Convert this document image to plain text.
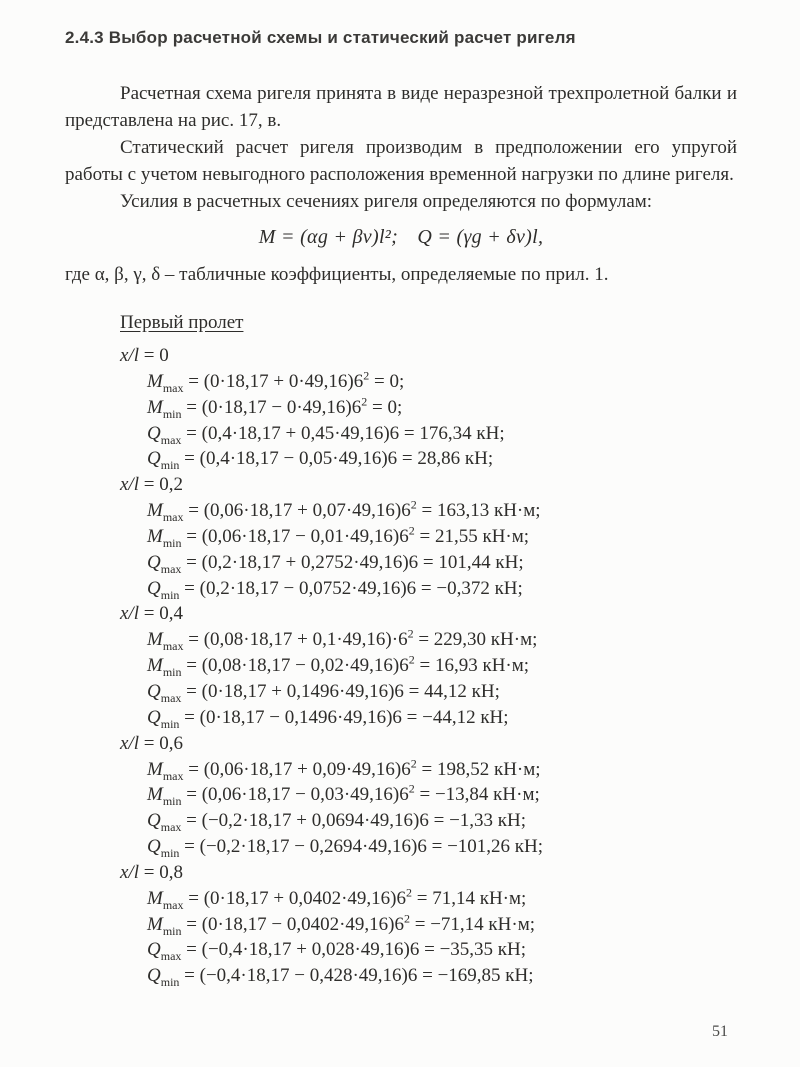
2.4.3 Выбор расчетной схемы и статический расчет ригеля

Расчетная схема ригеля принята в виде неразрезной трехпролетной балки и представлена на рис. 17, в.

Статический расчет ригеля производим в предположении его упругой работы с учетом невыгодного расположения временной нагрузки по длине ригеля.

Усилия в расчетных сечениях ригеля определяются по формулам:

M = (αg + βν)l²; Q = (γg + δν)l,

где α, β, γ, δ – табличные коэффициенты, определяемые по прил. 1.

Первый пролет
x/l = 0
$M_{max} = (0\cdot 18,17 + 0\cdot 49,16)6^2 = 0$;
$M_{min} = (0\cdot 18,17 - 0\cdot 49,16)6^2 = 0$;
$Q_{max} = (0,4\cdot 18,17 + 0,45\cdot 49,16)6 = 176,34$ кН;
$Q_{min} = (0,4\cdot 18,17 - 0,05\cdot 49,16)6 = 28,86$ кН;
x/l = 0,2
$M_{max} = (0,06\cdot 18,17 + 0,07\cdot 49,16)6^2 = 163,13$ кН·м;
$M_{min} = (0,06\cdot 18,17 - 0,01\cdot 49,16)6^2 = 21,55$ кН·м;
$Q_{max} = (0,2\cdot 18,17 + 0,2752\cdot 49,16)6 = 101,44$ кН;
$Q_{min} = (0,2\cdot 18,17 - 0,0752\cdot 49,16)6 = -0,372$ кН;
x/l = 0,4
$M_{max} = (0,08\cdot 18,17 + 0,1\cdot 49,16)\cdot 6^2 = 229,30$ кН·м;
$M_{min} = (0,08\cdot 18,17 - 0,02\cdot 49,16)6^2 = 16,93$ кН·м;
$Q_{max} = (0\cdot 18,17 + 0,1496\cdot 49,16)6 = 44,12$ кН;
$Q_{min} = (0\cdot 18,17 - 0,1496\cdot 49,16)6 = -44,12$ кН;
x/l = 0,6
$M_{max} = (0,06\cdot 18,17 + 0,09\cdot 49,16)6^2 = 198,52$ кН·м;
$M_{min} = (0,06\cdot 18,17 - 0,03\cdot 49,16)6^2 = -13,84$ кН·м;
$Q_{max} = (-0,2\cdot 18,17 + 0,0694\cdot 49,16)6 = -1,33$ кН;
$Q_{min} = (-0,2\cdot 18,17 - 0,2694\cdot 49,16)6 = -101,26$ кН;
x/l = 0,8
$M_{max} = (0\cdot 18,17 + 0,0402\cdot 49,16)6^2 = 71,14$ кН·м;
$M_{min} = (0\cdot 18,17 - 0,0402\cdot 49,16)6^2 = -71,14$ кН·м;
$Q_{max} = (-0,4\cdot 18,17 + 0,028\cdot 49,16)6 = -35,35$ кН;
$Q_{min} = (-0,4\cdot 18,17 - 0,428\cdot 49,16)6 = -169,85$ кН;
51
